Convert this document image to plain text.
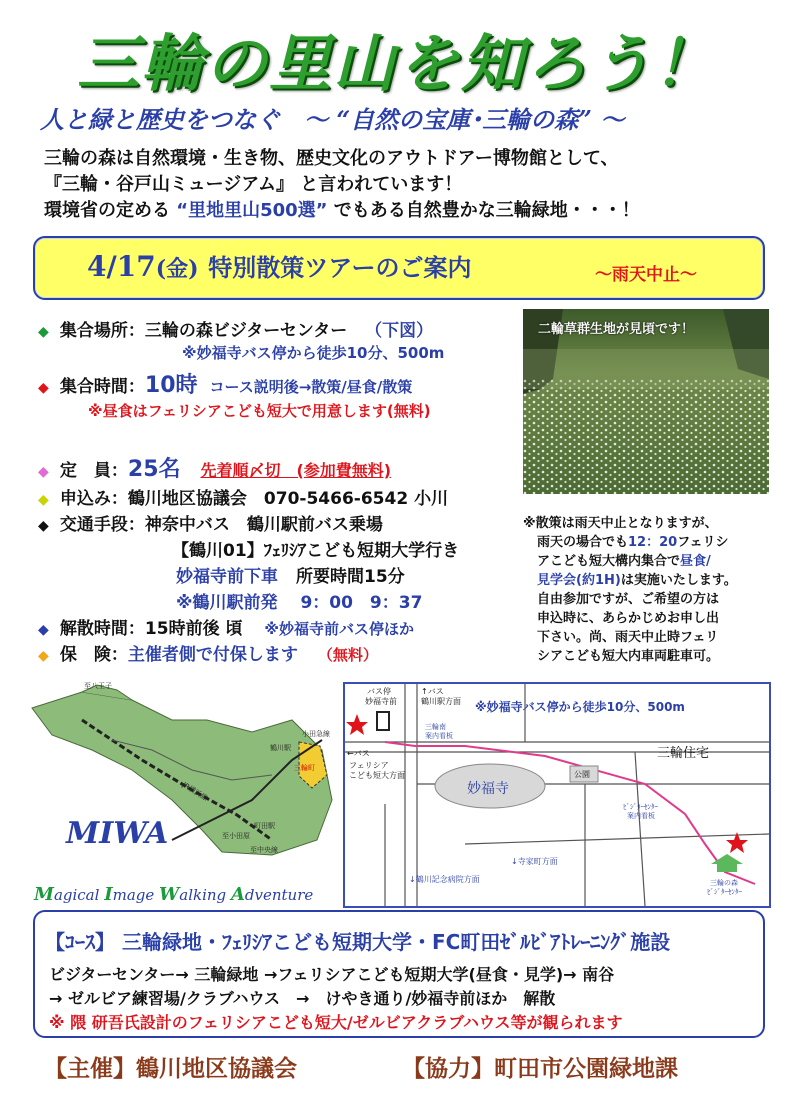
三輪の里山を知ろう！
人と緑と歴史をつなぐ　～ “自然の宝庫･三輪の森” ～
三輪の森は自然環境・生き物、歴史文化のアウトドアー博物館として、
『三輪・谷戸山ミュージアム』 と言われています！
環境省の定める “里地里山500選” でもある自然豊かな三輪緑地・・・！
4/17(金) 特別散策ツアーのご案内	～雨天中止～
◆ 集合場所：三輪の森ビジターセンター （下図）
※妙福寺バス停から徒歩10分、500m
◆ 集合時間：10時 コース説明後→散策/昼食/散策
※昼食はフェリシアこども短大で用意します(無料)
◆ 定　員：25名 先着順〆切　(参加費無料)
◆ 申込み：鶴川地区協議会　070-5466-6542 小川
◆ 交通手段：神奈中バス　鶴川駅前バス乗場
【鶴川01】ﾌｪﾘｼｱこども短期大学行き
妙福寺前下車 所要時間15分
※鶴川駅前発　 9：00　9：37
◆ 解散時間：15時前後 頃 ※妙福寺前バス停ほか
◆ 保　険：主催者側で付保します （無料）
二輪草群生地が見頃です！
※散策は雨天中止となりますが、
雨天の場合でも12：20フェリシ
アこども短大構内集合で昼食/
見学会(約1H)は実施いたします。
自由参加ですが、ご希望の方は
申込時に、あらかじめお申し出
下さい。尚、雨天中止時フェリ
シアこども短大内車両駐車可。
至八王子
小田急線
鶴川駅
三輪町
JR横浜線
町田駅
至小田原
至中央線
MIWA
Magical Image Walking Adventure
※妙福寺バス停から徒歩10分、500m
バス停
妙福寺前
↑バス
鶴川駅方面
←バス
フェリシア
こども短大方面
三輪南
案内看板
妙福寺
公園
三輪住宅
ﾋﾞｼﾞﾀｰｾﾝﾀｰ
案内看板
三輪の森
ﾋﾞｼﾞﾀｰｾﾝﾀｰ
↓鶴川記念病院方面
↓寺家町方面
【ｺｰｽ】 三輪緑地・ﾌｪﾘｼｱこども短期大学・FC町田ｾﾞﾙﾋﾞｱﾄﾚｰﾆﾝｸﾞ施設
ビジターセンター→ 三輪緑地 →フェリシアこども短期大学(昼食・見学)→ 南谷
→ ゼルビア練習場/クラブハウス　→　けやき通り/妙福寺前ほか　解散
※ 隈 研吾氏設計のフェリシアこども短大/ゼルビアクラブハウス等が観られます
【主催】鶴川地区協議会	【協力】町田市公園緑地課
